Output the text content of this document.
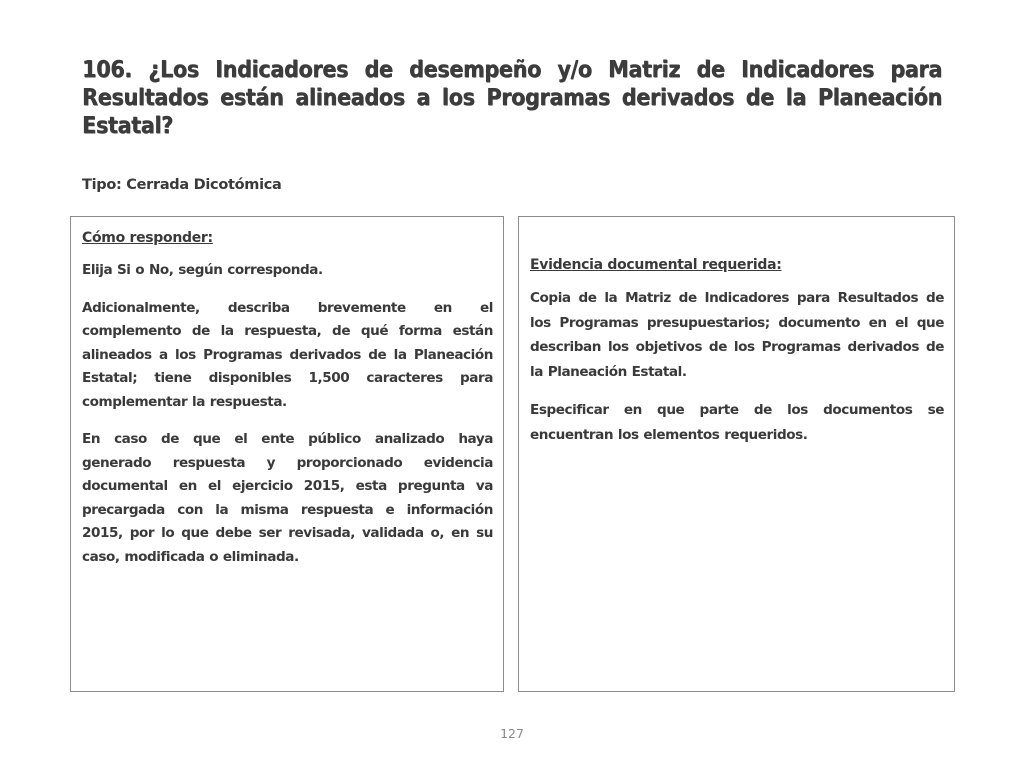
106. ¿Los Indicadores de desempeño y/o Matriz de Indicadores para Resultados están alineados a los Programas derivados de la Planeación Estatal?

Tipo: Cerrada Dicotómica

Cómo responder:

Elija Si o No, según corresponda.

Adicionalmente, describa brevemente en el complemento de la respuesta, de qué forma están alineados a los Programas derivados de la Planeación Estatal; tiene disponibles 1,500 caracteres para complementar la respuesta.

En caso de que el ente público analizado haya generado respuesta y proporcionado evidencia documental en el ejercicio 2015, esta pregunta va precargada con la misma respuesta e información 2015, por lo que debe ser revisada, validada o, en su caso, modificada o eliminada.

Evidencia documental requerida:

Copia de la Matriz de Indicadores para Resultados de los Programas presupuestarios; documento en el que describan los objetivos de los Programas derivados de la Planeación Estatal.

Especificar en que parte de los documentos se encuentran los elementos requeridos.

127
